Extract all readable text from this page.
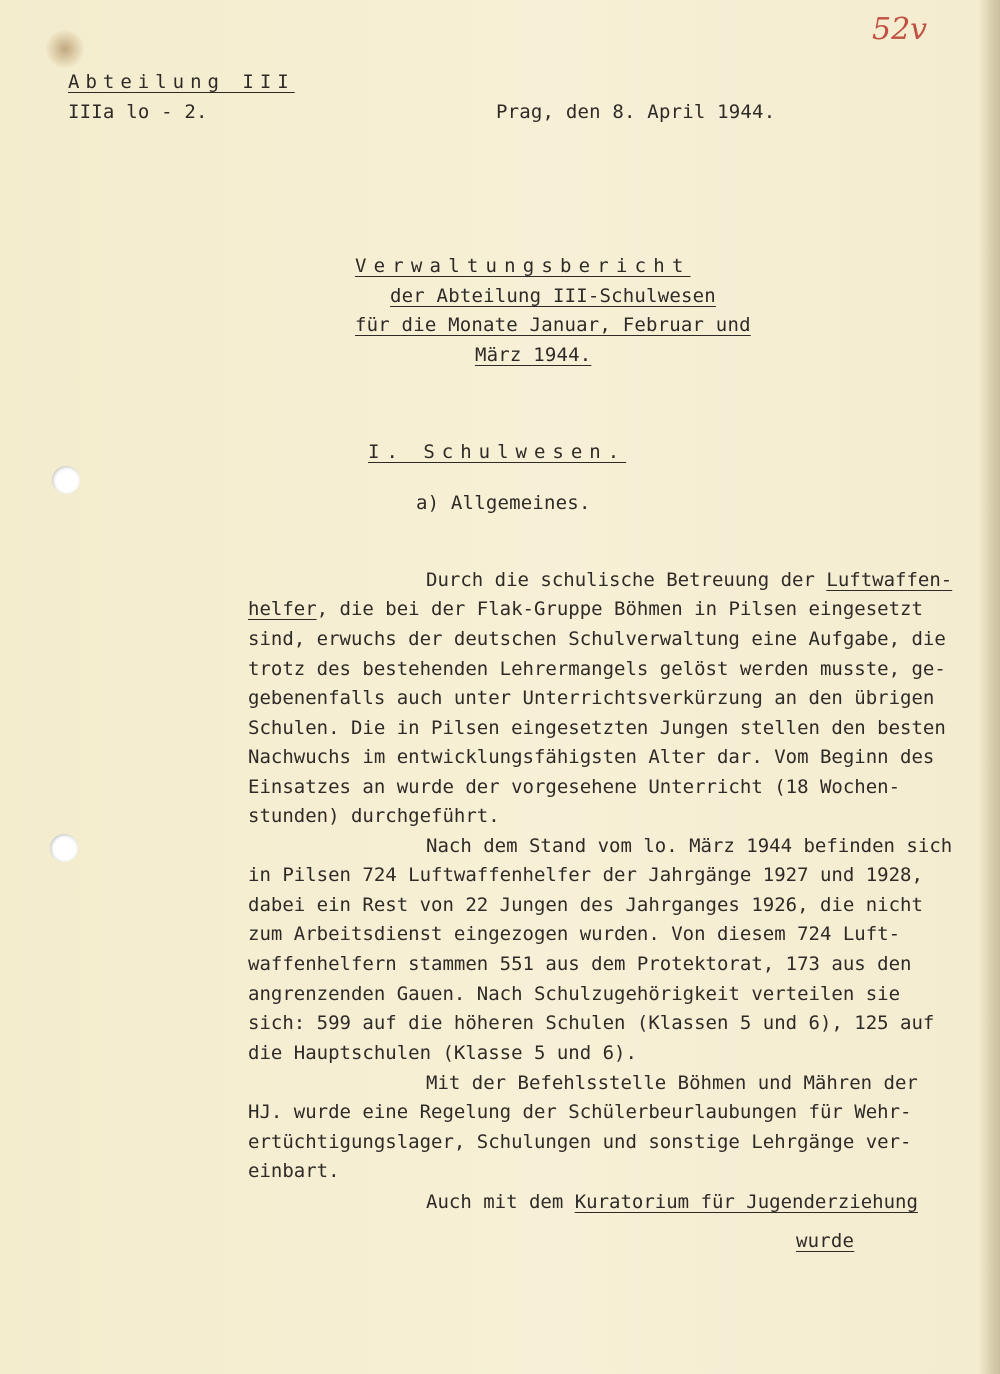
52v
Abteilung III
IIIa lo - 2.	Prag, den 8. April 1944.
Verwaltungsbericht
der Abteilung III-Schulwesen
für die Monate Januar, Februar und
März 1944.
I. Schulwesen.
a) Allgemeines.
Durch die schulische Betreuung der Luftwaffen-
helfer, die bei der Flak-Gruppe Böhmen in Pilsen eingesetzt
sind, erwuchs der deutschen Schulverwaltung eine Aufgabe, die
trotz des bestehenden Lehrermangels gelöst werden musste, ge-
gebenenfalls auch unter Unterrichtsverkürzung an den übrigen
Schulen. Die in Pilsen eingesetzten Jungen stellen den besten
Nachwuchs im entwicklungsfähigsten Alter dar. Vom Beginn des
Einsatzes an wurde der vorgesehene Unterricht (18 Wochen-
stunden) durchgeführt.
Nach dem Stand vom lo. März 1944 befinden sich
in Pilsen 724 Luftwaffenhelfer der Jahrgänge 1927 und 1928,
dabei ein Rest von 22 Jungen des Jahrganges 1926, die nicht
zum Arbeitsdienst eingezogen wurden. Von diesem 724 Luft-
waffenhelfern stammen 551 aus dem Protektorat, 173 aus den
angrenzenden Gauen. Nach Schulzugehörigkeit verteilen sie
sich: 599 auf die höheren Schulen (Klassen 5 und 6), 125 auf
die Hauptschulen (Klasse 5 und 6).
Mit der Befehlsstelle Böhmen und Mähren der
HJ. wurde eine Regelung der Schülerbeurlaubungen für Wehr-
ertüchtigungslager, Schulungen und sonstige Lehrgänge ver-
einbart.
Auch mit dem Kuratorium für Jugenderziehung
wurde
